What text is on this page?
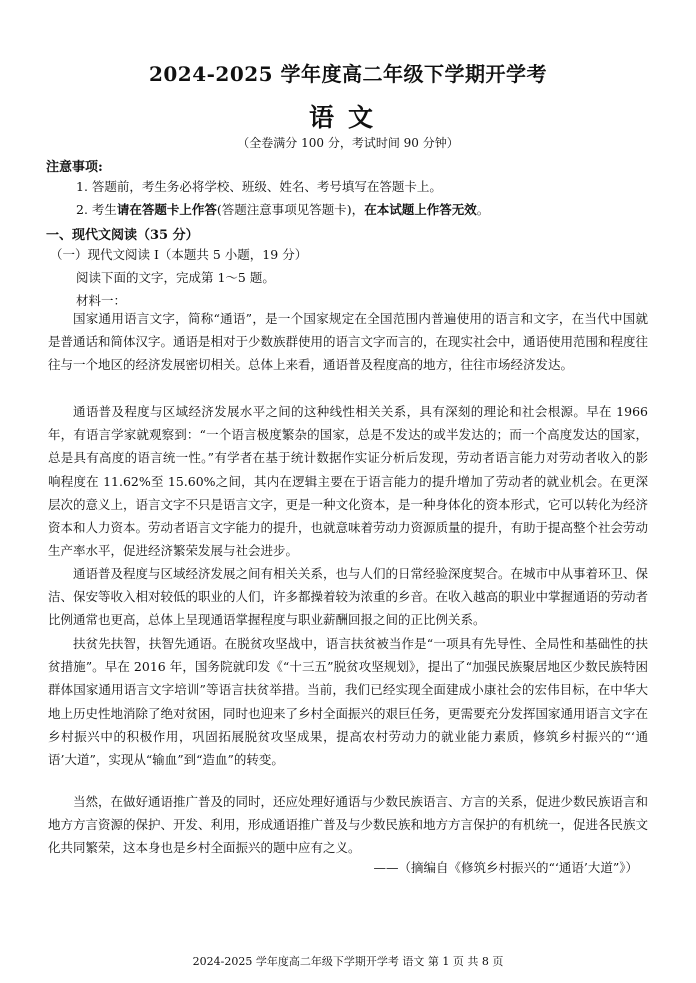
2024-2025 学年度高二年级下学期开学考
语文
（全卷满分 100 分，考试时间 90 分钟）
注意事项:
1. 答题前，考生务必将学校、班级、姓名、考号填写在答题卡上。
2. 考生请在答题卡上作答(答题注意事项见答题卡)，在本试题上作答无效。
一、现代文阅读（35 分）
（一）现代文阅读 I（本题共 5 小题，19 分）
阅读下面的文字，完成第 1～5 题。
材料一：

国家通用语言文字，简称“通语”，是一个国家规定在全国范围内普遍使用的语言和文字，在当代中国就是普通话和简体汉字。通语是相对于少数族群使用的语言文字而言的，在现实社会中，通语使用范围和程度往往与一个地区的经济发展密切相关。总体上来看，通语普及程度高的地方，往往市场经济发达。

通语普及程度与区域经济发展水平之间的这种线性相关关系，具有深刻的理论和社会根源。早在 1966 年，有语言学家就观察到：“一个语言极度繁杂的国家，总是不发达的或半发达的；而一个高度发达的国家，总是具有高度的语言统一性。”有学者在基于统计数据作实证分析后发现，劳动者语言能力对劳动者收入的影响程度在 11.62%至 15.60%之间，其内在逻辑主要在于语言能力的提升增加了劳动者的就业机会。在更深层次的意义上，语言文字不只是语言文字，更是一种文化资本，是一种身体化的资本形式，它可以转化为经济资本和人力资本。劳动者语言文字能力的提升，也就意味着劳动力资源质量的提升，有助于提高整个社会劳动生产率水平，促进经济繁荣发展与社会进步。

通语普及程度与区域经济发展之间有相关关系，也与人们的日常经验深度契合。在城市中从事着环卫、保洁、保安等收入相对较低的职业的人们，许多都操着较为浓重的乡音。在收入越高的职业中掌握通语的劳动者比例通常也更高，总体上呈现通语掌握程度与职业薪酬回报之间的正比例关系。

扶贫先扶智，扶智先通语。在脱贫攻坚战中，语言扶贫被当作是“一项具有先导性、全局性和基础性的扶贫措施”。早在 2016 年，国务院就印发《“十三五”脱贫攻坚规划》，提出了“加强民族聚居地区少数民族特困群体国家通用语言文字培训”等语言扶贫举措。当前，我们已经实现全面建成小康社会的宏伟目标，在中华大地上历史性地消除了绝对贫困，同时也迎来了乡村全面振兴的艰巨任务，更需要充分发挥国家通用语言文字在乡村振兴中的积极作用，巩固拓展脱贫攻坚成果，提高农村劳动力的就业能力素质，修筑乡村振兴的“‘通语’大道”，实现从“输血”到“造血”的转变。

当然，在做好通语推广普及的同时，还应处理好通语与少数民族语言、方言的关系，促进少数民族语言和地方方言资源的保护、开发、利用，形成通语推广普及与少数民族和地方方言保护的有机统一，促进各民族文化共同繁荣，这本身也是乡村全面振兴的题中应有之义。

——（摘编自《修筑乡村振兴的“‘通语’大道”》）
2024-2025 学年度高二年级下学期开学考 语文 第 1 页 共 8 页
